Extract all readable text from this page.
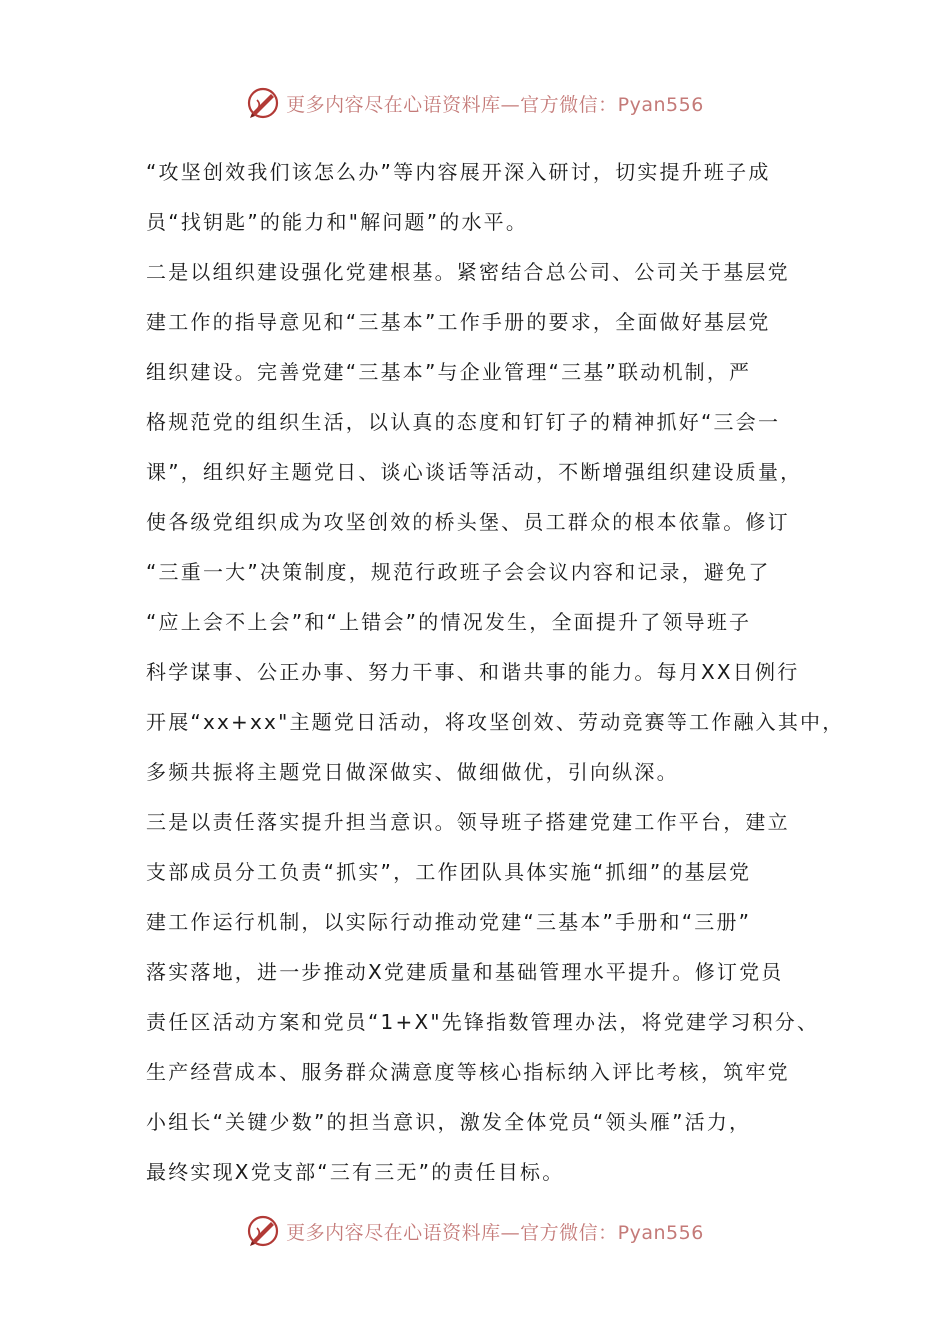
更多内容尽在心语资料库—官方微信：Pyan556
“攻坚创效我们该怎么办”等内容展开深入研讨，切实提升班子成
员“找钥匙”的能力和"解问题”的水平。
二是以组织建设强化党建根基。紧密结合总公司、公司关于基层党
建工作的指导意见和“三基本”工作手册的要求，全面做好基层党
组织建设。完善党建“三基本”与企业管理“三基”联动机制，严
格规范党的组织生活，以认真的态度和钉钉子的精神抓好“三会一
课”，组织好主题党日、谈心谈话等活动，不断增强组织建设质量，
使各级党组织成为攻坚创效的桥头堡、员工群众的根本依靠。修订
“三重一大”决策制度，规范行政班子会会议内容和记录，避免了
“应上会不上会”和“上错会”的情况发生，全面提升了领导班子
科学谋事、公正办事、努力干事、和谐共事的能力。每月XX日例行
开展“xx+xx"主题党日活动，将攻坚创效、劳动竞赛等工作融入其中，
多频共振将主题党日做深做实、做细做优，引向纵深。
三是以责任落实提升担当意识。领导班子搭建党建工作平台，建立
支部成员分工负责“抓实”，工作团队具体实施“抓细”的基层党
建工作运行机制，以实际行动推动党建“三基本”手册和“三册”
落实落地，进一步推动X党建质量和基础管理水平提升。修订党员
责任区活动方案和党员“1+X"先锋指数管理办法，将党建学习积分、
生产经营成本、服务群众满意度等核心指标纳入评比考核，筑牢党
小组长“关键少数”的担当意识，激发全体党员“领头雁”活力，
最终实现X党支部“三有三无”的责任目标。
更多内容尽在心语资料库—官方微信：Pyan556
